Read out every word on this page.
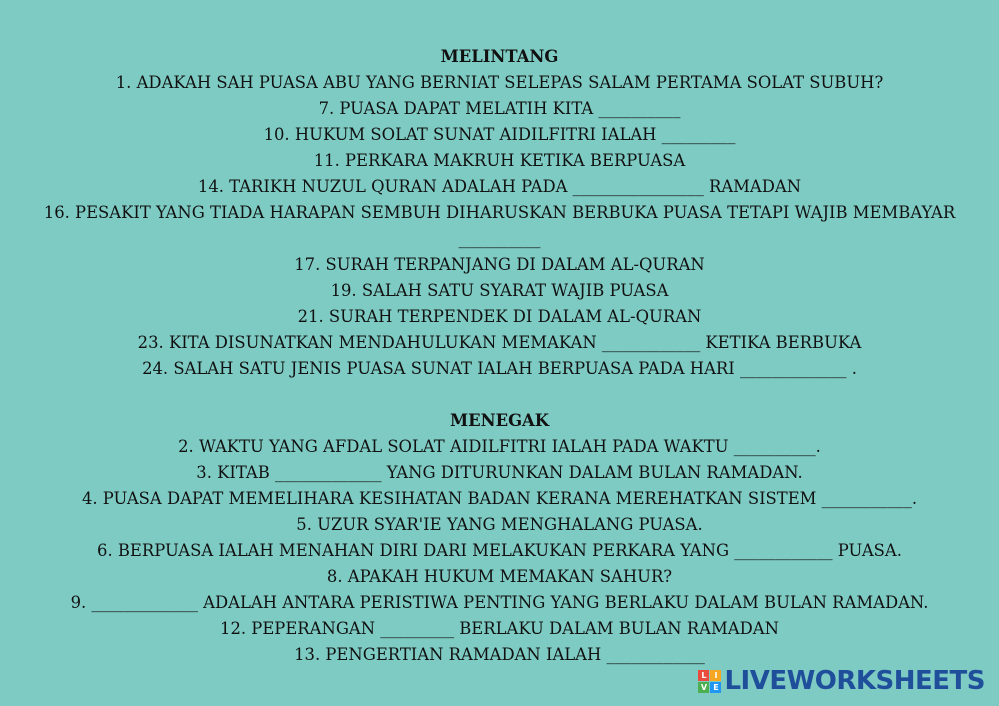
MELINTANG
1. ADAKAH SAH PUASA ABU YANG BERNIAT SELEPAS SALAM PERTAMA SOLAT SUBUH?
7. PUASA DAPAT MELATIH KITA __________
10. HUKUM SOLAT SUNAT AIDILFITRI IALAH _________
11. PERKARA MAKRUH KETIKA BERPUASA
14. TARIKH NUZUL QURAN ADALAH PADA ________________ RAMADAN
16. PESAKIT YANG TIADA HARAPAN SEMBUH DIHARUSKAN BERBUKA PUASA TETAPI WAJIB MEMBAYAR
__________
17. SURAH TERPANJANG DI DALAM AL-QURAN
19. SALAH SATU SYARAT WAJIB PUASA
21. SURAH TERPENDEK DI DALAM AL-QURAN
23. KITA DISUNATKAN MENDAHULUKAN MEMAKAN ____________ KETIKA BERBUKA
24. SALAH SATU JENIS PUASA SUNAT IALAH BERPUASA PADA HARI _____________ .
MENEGAK
2. WAKTU YANG AFDAL SOLAT AIDILFITRI IALAH PADA WAKTU __________.
3. KITAB _____________ YANG DITURUNKAN DALAM BULAN RAMADAN.
4. PUASA DAPAT MEMELIHARA KESIHATAN BADAN KERANA MEREHATKAN SISTEM ___________.
5. UZUR SYAR'IE YANG MENGHALANG PUASA.
6. BERPUASA IALAH MENAHAN DIRI DARI MELAKUKAN PERKARA YANG ____________ PUASA.
8. APAKAH HUKUM MEMAKAN SAHUR?
9. _____________ ADALAH ANTARA PERISTIWA PENTING YANG BERLAKU DALAM BULAN RAMADAN.
12. PEPERANGAN _________ BERLAKU DALAM BULAN RAMADAN
13. PENGERTIAN RAMADAN IALAH ____________
L I
V E LIVEWORKSHEETS
